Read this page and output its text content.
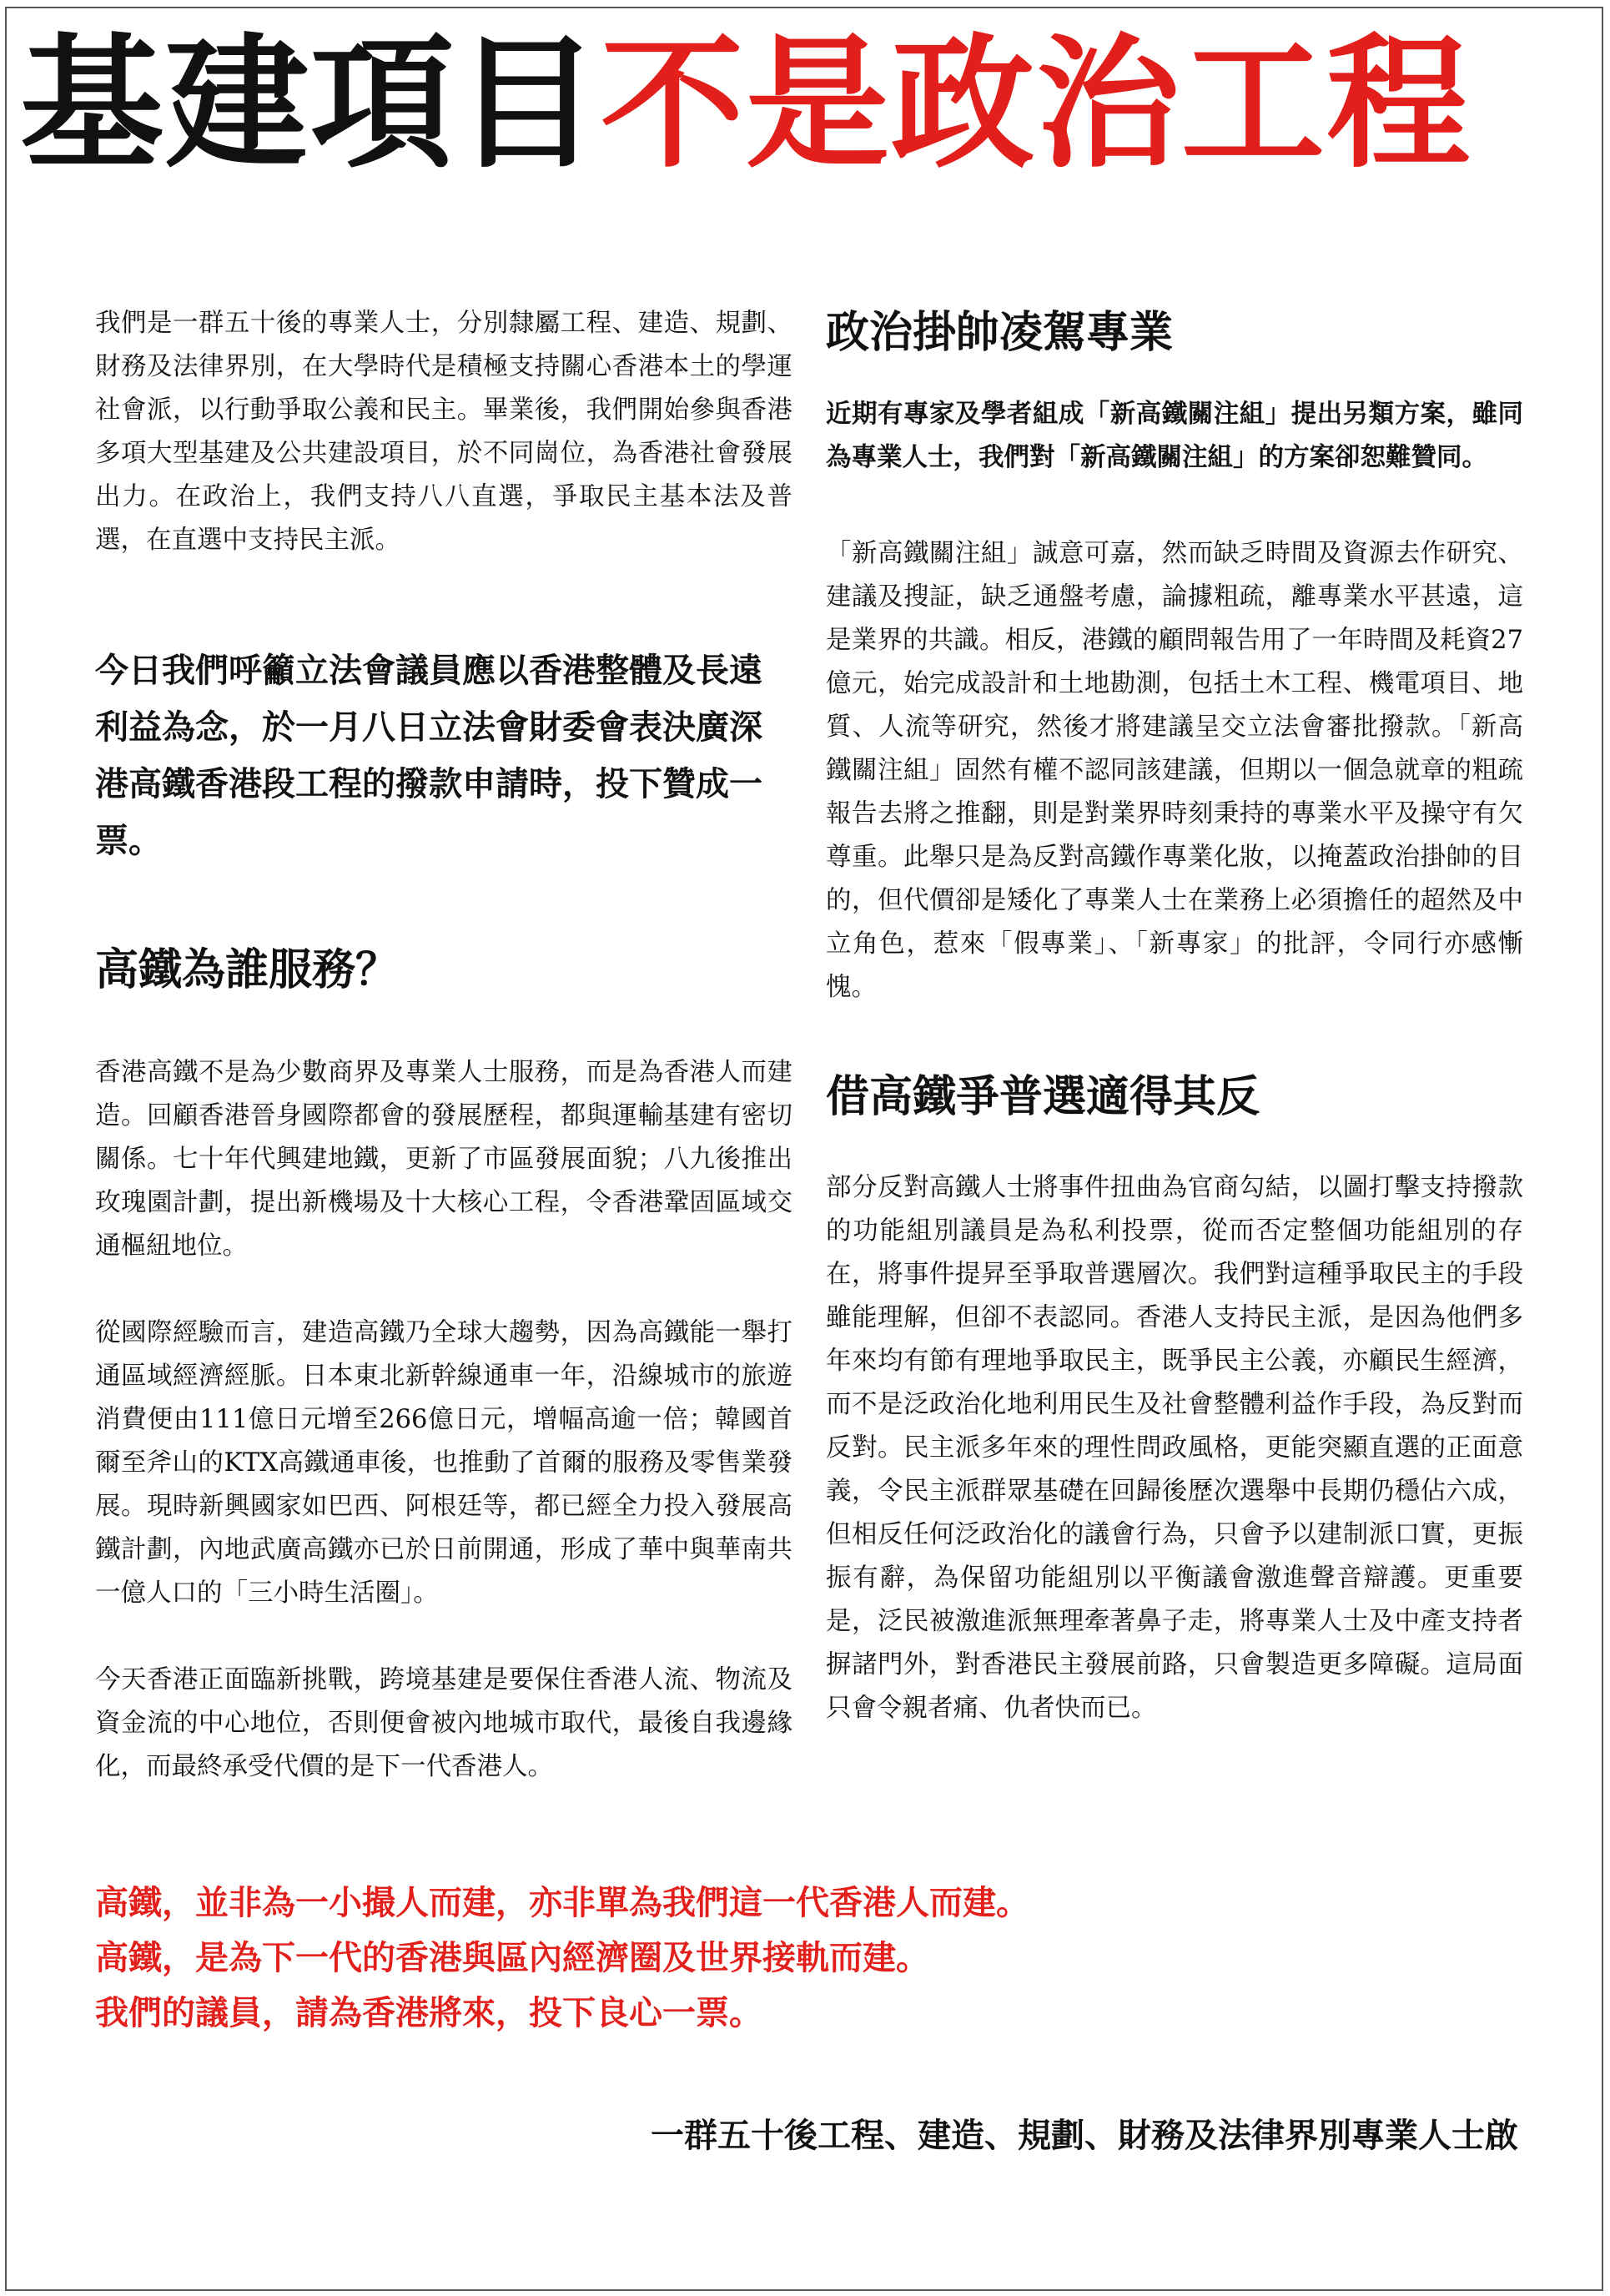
基建項目 不是政治工程

我們是一群五十後的專業人士，分別隸屬工程、建造、規劃、財務及法律界別，在大學時代是積極支持關心香港本土的學運社會派，以行動爭取公義和民主。畢業後，我們開始參與香港多項大型基建及公共建設項目，於不同崗位，為香港社會發展出力。在政治上，我們支持八八直選，爭取民主基本法及普選，在直選中支持民主派。

今日我們呼籲立法會議員應以香港整體及長遠利益為念，於一月八日立法會財委會表決廣深港高鐵香港段工程的撥款申請時，投下贊成一票。

高鐵為誰服務？

香港高鐵不是為少數商界及專業人士服務，而是為香港人而建造。回顧香港晉身國際都會的發展歷程，都與運輸基建有密切關係。七十年代興建地鐵，更新了市區發展面貌；八九後推出玫瑰園計劃，提出新機場及十大核心工程，令香港鞏固區域交通樞紐地位。

從國際經驗而言，建造高鐵乃全球大趨勢，因為高鐵能一舉打通區域經濟經脈。日本東北新幹線通車一年，沿線城市的旅遊消費便由111億日元增至266億日元，增幅高逾一倍；韓國首爾至斧山的KTX高鐵通車後，也推動了首爾的服務及零售業發展。現時新興國家如巴西、阿根廷等，都已經全力投入發展高鐵計劃，內地武廣高鐵亦已於日前開通，形成了華中與華南共一億人口的「三小時生活圈」。

今天香港正面臨新挑戰，跨境基建是要保住香港人流、物流及資金流的中心地位，否則便會被內地城市取代，最後自我邊緣化，而最終承受代價的是下一代香港人。

政治掛帥凌駕專業

近期有專家及學者組成「新高鐵關注組」提出另類方案，雖同為專業人士，我們對「新高鐵關注組」的方案卻恕難贊同。

「新高鐵關注組」誠意可嘉，然而缺乏時間及資源去作研究、建議及搜証，缺乏通盤考慮，論據粗疏，離專業水平甚遠，這是業界的共識。相反，港鐵的顧問報告用了一年時間及耗資27億元，始完成設計和土地勘測，包括土木工程、機電項目、地質、人流等研究，然後才將建議呈交立法會審批撥款。「新高鐵關注組」固然有權不認同該建議，但期以一個急就章的粗疏報告去將之推翻，則是對業界時刻秉持的專業水平及操守有欠尊重。此舉只是為反對高鐵作專業化妝，以掩蓋政治掛帥的目的，但代價卻是矮化了專業人士在業務上必須擔任的超然及中立角色，惹來「假專業」、「新專家」的批評，令同行亦感慚愧。

借高鐵爭普選適得其反

部分反對高鐵人士將事件扭曲為官商勾結，以圖打擊支持撥款的功能組別議員是為私利投票，從而否定整個功能組別的存在，將事件提昇至爭取普選層次。我們對這種爭取民主的手段雖能理解，但卻不表認同。香港人支持民主派，是因為他們多年來均有節有理地爭取民主，既爭民主公義，亦顧民生經濟，而不是泛政治化地利用民生及社會整體利益作手段，為反對而反對。民主派多年來的理性問政風格，更能突顯直選的正面意義，令民主派群眾基礎在回歸後歷次選舉中長期仍穩佔六成，但相反任何泛政治化的議會行為，只會予以建制派口實，更振振有辭，為保留功能組別以平衡議會激進聲音辯護。更重要是，泛民被激進派無理牽著鼻子走，將專業人士及中產支持者摒諸門外，對香港民主發展前路，只會製造更多障礙。這局面只會令親者痛、仇者快而已。

高鐵，並非為一小撮人而建，亦非單為我們這一代香港人而建。
高鐵，是為下一代的香港與區內經濟圈及世界接軌而建。
我們的議員，請為香港將來，投下良心一票。
一群五十後工程、建造、規劃、財務及法律界別專業人士啟
